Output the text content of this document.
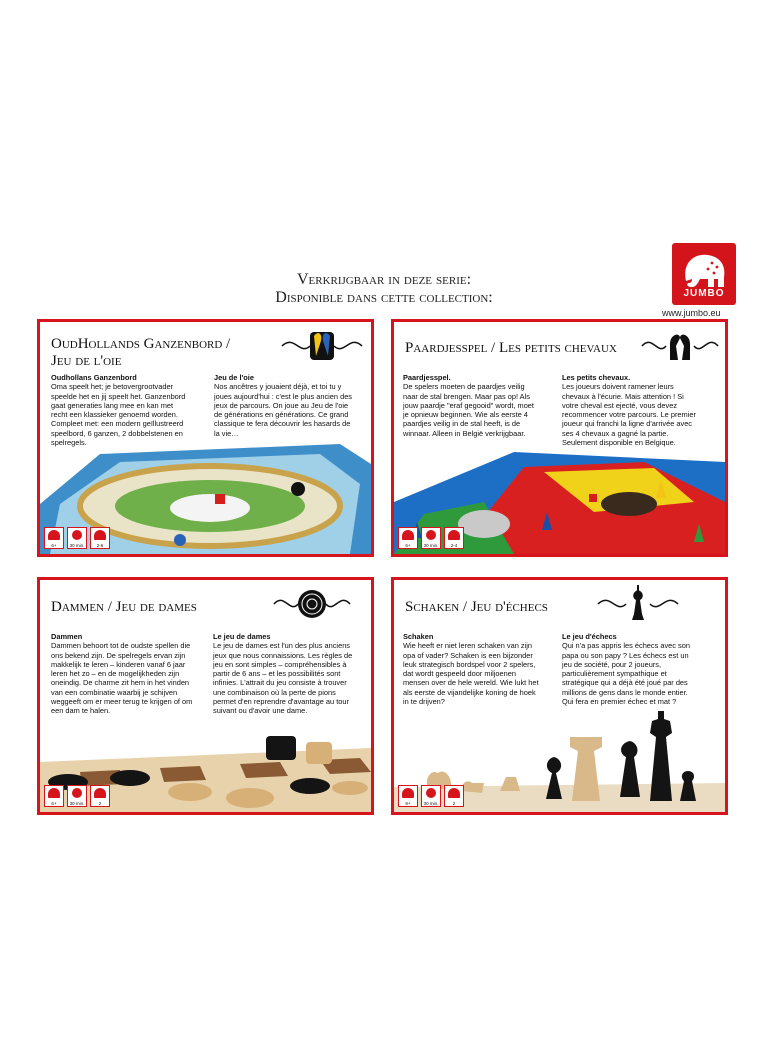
Verkrijgbaar in deze serie:
Disponible dans cette collection:	JUMBO
www.jumbo.eu
OudHollands Ganzenbord /
Jeu de l'oie
Oudhollans Ganzenbord
Oma speelt het; je betovergrootvader speelde het en jij speelt het. Ganzenbord gaat generaties lang mee en kan met recht een klassieker genoemd worden. Compleet met: een modern geïllustreerd speelbord, 6 ganzen, 2 dobbelstenen en spelregels.
Jeu de l'oie
Nos ancêtres y jouaient déjà, et toi tu y joues aujourd'hui : c'est le plus ancien des jeux de parcours. On joue au Jeu de l'oie de générations en générations. Ce grand classique te fera découvrir les hasards de la vie…
6+	30 min.	2-6
Paardjesspel / Les petits chevaux
Paardjesspel.
De spelers moeten de paardjes veilig naar de stal brengen. Maar pas op! Als jouw paardje "eraf gegooid" wordt, moet je opnieuw beginnen. Wie als eerste 4 paardjes veilig in de stal heeft, is de winnaar. Alleen in België verkrijgbaar.
Les petits chevaux.
Les joueurs doivent ramener leurs chevaux à l'écurie. Mais attention ! Si votre cheval est ejecté, vous devez recommencer votre parcours. Le premier joueur qui franchi la ligne d'arrivée avec ses 4 chevaux a gagné la partie. Seulement disponible en Belgique.
6+	30 min.	2-4
Dammen / Jeu de dames
Dammen
Dammen behoort tot de oudste spellen die ons bekend zijn. De spelregels ervan zijn makkelijk te leren – kinderen vanaf 6 jaar leren het zo – en de mogelijkheden zijn oneindig. De charme zit hem in het vinden van een combinatie waarbij je schijven weggeeft om er meer terug te krijgen of om een dam te halen.
Le jeu de dames
Le jeu de dames est l'un des plus anciens jeux que nous connaissions. Les règles de jeu en sont simples – compréhensibles à partir de 6 ans – et les possibilités sont infinies. L'attrait du jeu consiste à trouver une combinaison où la perte de pions permet d'en reprendre d'avantage au tour suivant ou d'avoir une dame.
6+	30 min.	2
Schaken / Jeu d'échecs
Schaken
Wie heeft er niet leren schaken van zijn opa of vader? Schaken is een bijzonder leuk strategisch bordspel voor 2 spelers, dat wordt gespeeld door miljoenen mensen over de hele wereld. Wie lukt het als eerste de vijandelijke koning de hoek in te drijven?
Le jeu d'échecs
Qui n'a pas appris les échecs avec son papa ou son papy ? Les échecs est un jeu de société, pour 2 joueurs, particulièrement sympathique et stratégique qui a déjà été joué par des millions de gens dans le monde entier. Qui fera en premier échec et mat ?
8+	30 min.	2
